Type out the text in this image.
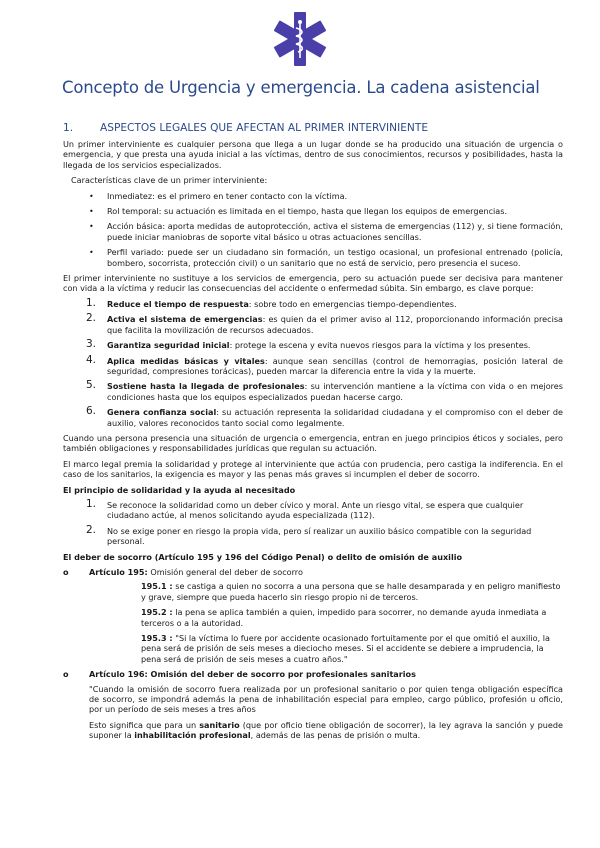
Concepto de Urgencia y emergencia. La cadena asistencial
1.	ASPECTOS LEGALES QUE AFECTAN AL PRIMER INTERVINIENTE

Un primer interviniente es cualquier persona que llega a un lugar donde se ha producido una situación de urgencia o emergencia, y que presta una ayuda inicial a las víctimas, dentro de sus conocimientos, recursos y posibilidades, hasta la llegada de los servicios especializados.

Características clave de un primer interviniente:

• Inmediatez: es el primero en tener contacto con la víctima.
• Rol temporal: su actuación es limitada en el tiempo, hasta que llegan los equipos de emergencias.
• Acción básica: aporta medidas de autoprotección, activa el sistema de emergencias (112) y, si tiene formación, puede iniciar maniobras de soporte vital básico u otras actuaciones sencillas.
• Perfil variado: puede ser un ciudadano sin formación, un testigo ocasional, un profesional entrenado (policía, bombero, socorrista, protección civil) o un sanitario que no está de servicio, pero presencia el suceso.

El primer interviniente no sustituye a los servicios de emergencia, pero su actuación puede ser decisiva para mantener con vida a la víctima y reducir las consecuencias del accidente o enfermedad súbita. Sin embargo, es clave porque:

1. Reduce el tiempo de respuesta: sobre todo en emergencias tiempo-dependientes.
2. Activa el sistema de emergencias: es quien da el primer aviso al 112, proporcionando información precisa que facilita la movilización de recursos adecuados.
3. Garantiza seguridad inicial: protege la escena y evita nuevos riesgos para la víctima y los presentes.
4. Aplica medidas básicas y vitales: aunque sean sencillas (control de hemorragias, posición lateral de seguridad, compresiones torácicas), pueden marcar la diferencia entre la vida y la muerte.
5. Sostiene hasta la llegada de profesionales: su intervención mantiene a la víctima con vida o en mejores condiciones hasta que los equipos especializados puedan hacerse cargo.
6. Genera confianza social: su actuación representa la solidaridad ciudadana y el compromiso con el deber de auxilio, valores reconocidos tanto social como legalmente.

Cuando una persona presencia una situación de urgencia o emergencia, entran en juego principios éticos y sociales, pero también obligaciones y responsabilidades jurídicas que regulan su actuación.

El marco legal premia la solidaridad y protege al interviniente que actúa con prudencia, pero castiga la indiferencia. En el caso de los sanitarios, la exigencia es mayor y las penas más graves si incumplen el deber de socorro.

El principio de solidaridad y la ayuda al necesitado
1. Se reconoce la solidaridad como un deber cívico y moral. Ante un riesgo vital, se espera que cualquier ciudadano actúe, al menos solicitando ayuda especializada (112).
2. No se exige poner en riesgo la propia vida, pero sí realizar un auxilio básico compatible con la seguridad personal.
El deber de socorro (Artículo 195 y 196 del Código Penal) o delito de omisión de auxilio
o	Artículo 195: Omisión general del deber de socorro

195.1 : se castiga a quien no socorra a una persona que se halle desamparada y en peligro manifiesto y grave, siempre que pueda hacerlo sin riesgo propio ni de terceros.

195.2 : la pena se aplica también a quien, impedido para socorrer, no demande ayuda inmediata a terceros o a la autoridad.

195.3 : "Si la víctima lo fuere por accidente ocasionado fortuitamente por el que omitió el auxilio, la pena será de prisión de seis meses a dieciocho meses. Si el accidente se debiere a imprudencia, la pena será de prisión de seis meses a cuatro años."

o	Artículo 196: Omisión del deber de socorro por profesionales sanitarios

"Cuando la omisión de socorro fuera realizada por un profesional sanitario o por quien tenga obligación específica de socorro, se impondrá además la pena de inhabilitación especial para empleo, cargo público, profesión u oficio, por un período de seis meses a tres años

Esto significa que para un sanitario (que por oficio tiene obligación de socorrer), la ley agrava la sanción y puede suponer la inhabilitación profesional, además de las penas de prisión o multa.
